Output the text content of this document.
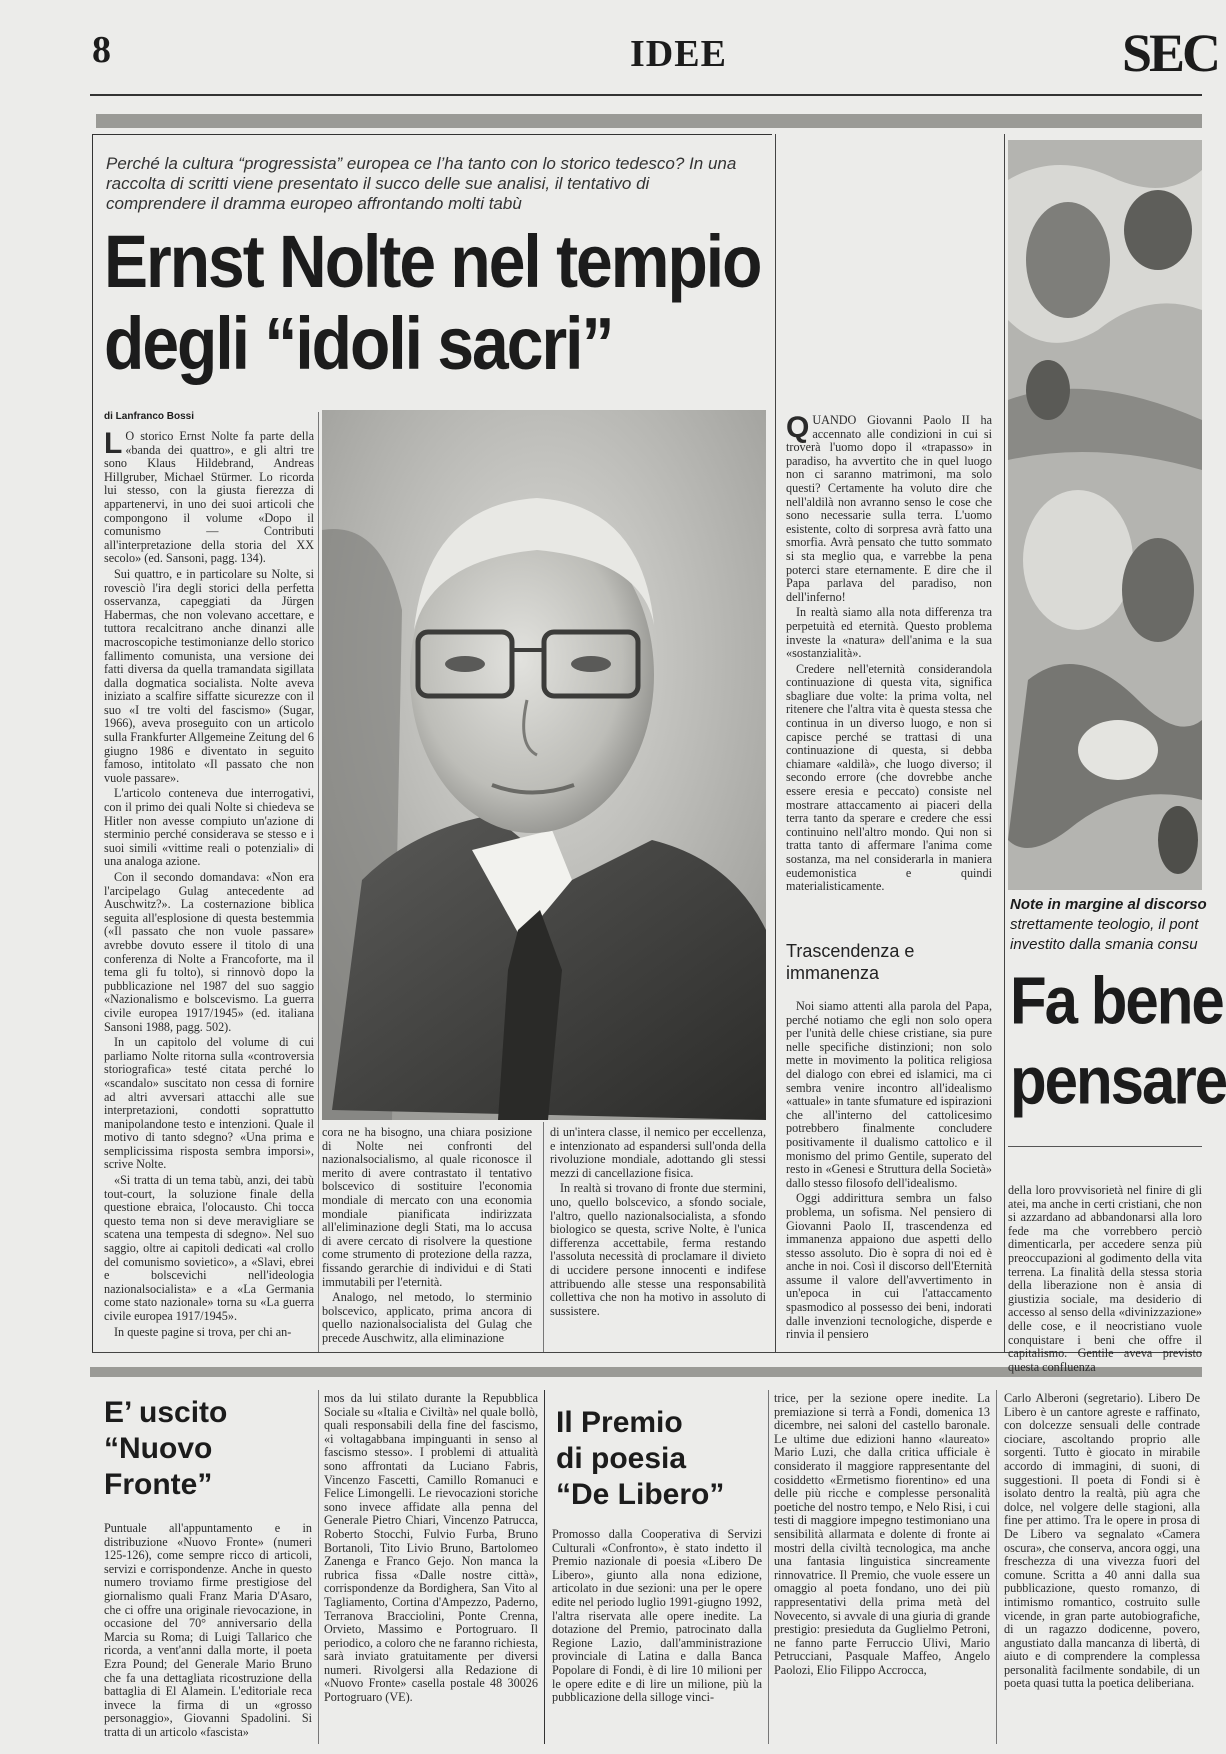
8	IDEE	SEC
Perché la cultura “progressista” europea ce l’ha tanto con lo storico tedesco? In una raccolta di scritti viene presentato il succo delle sue analisi, il tentativo di comprendere il dramma europeo affrontando molti tabù
Ernst Nolte nel tempio
degli “idoli sacri”
di Lanfranco Bossi
L O storico Ernst Nolte fa parte della «banda dei quattro», e gli altri tre sono Klaus Hildebrand, Andreas Hillgruber, Michael Stürmer. Lo ricorda lui stesso, con la giusta fierezza di appartenervi, in uno dei suoi articoli che compongono il volume «Dopo il comunismo — Contributi all'interpretazione della storia del XX secolo» (ed. Sansoni, pagg. 134).

Sui quattro, e in particolare su Nolte, si rovesciò l'ira degli storici della perfetta osservanza, capeggiati da Jürgen Habermas, che non volevano accettare, e tuttora recalcitrano anche dinanzi alle macroscopiche testimonianze dello storico fallimento comunista, una versione dei fatti diversa da quella tramandata sigillata dalla dogmatica socialista. Nolte aveva iniziato a scalfire siffatte sicurezze con il suo «I tre volti del fascismo» (Sugar, 1966), aveva proseguito con un articolo sulla Frankfurter Allgemeine Zeitung del 6 giugno 1986 e diventato in seguito famoso, intitolato «Il passato che non vuole passare».

L'articolo conteneva due interrogativi, con il primo dei quali Nolte si chiedeva se Hitler non avesse compiuto un'azione di sterminio perché considerava se stesso e i suoi simili «vittime reali o potenziali» di una analoga azione.

Con il secondo domandava: «Non era l'arcipelago Gulag antecedente ad Auschwitz?». La costernazione biblica seguita all'esplosione di questa bestemmia («Il passato che non vuole passare» avrebbe dovuto essere il titolo di una conferenza di Nolte a Francoforte, ma il tema gli fu tolto), si rinnovò dopo la pubblicazione nel 1987 del suo saggio «Nazionalismo e bolscevismo. La guerra civile europea 1917/1945» (ed. italiana Sansoni 1988, pagg. 502).

In un capitolo del volume di cui parliamo Nolte ritorna sulla «controversia storiografica» testé citata perché lo «scandalo» suscitato non cessa di fornire ad altri avversari attacchi alle sue interpretazioni, condotti soprattutto manipolandone testo e intenzioni. Quale il motivo di tanto sdegno? «Una prima e semplicissima risposta sembra imporsi», scrive Nolte.

«Si tratta di un tema tabù, anzi, dei tabù tout-court, la soluzione finale della questione ebraica, l'olocausto. Chi tocca questo tema non si deve meravigliare se scatena una tempesta di sdegno». Nel suo saggio, oltre ai capitoli dedicati «al crollo del comunismo sovietico», a «Slavi, ebrei e bolscevichi nell'ideologia nazionalsocialista» e a «La Germania come stato nazionale» torna su «La guerra civile europea 1917/1945».

In queste pagine si trova, per chi an-

cora ne ha bisogno, una chiara posizione di Nolte nei confronti del nazionalsocialismo, al quale riconosce il merito di avere contrastato il tentativo bolscevico di sostituire l'economia mondiale di mercato con una economia mondiale pianificata indirizzata all'eliminazione degli Stati, ma lo accusa di avere cercato di risolvere la questione come strumento di protezione della razza, fissando gerarchie di individui e di Stati immutabili per l'eternità.

Analogo, nel metodo, lo sterminio bolscevico, applicato, prima ancora di quello nazionalsocialista del Gulag che precede Auschwitz, alla eliminazione

di un'intera classe, il nemico per eccellenza, e intenzionato ad espandersi sull'onda della rivoluzione mondiale, adottando gli stessi mezzi di cancellazione fisica.

In realtà si trovano di fronte due stermini, uno, quello bolscevico, a sfondo sociale, l'altro, quello nazionalsocialista, a sfondo biologico se questa, scrive Nolte, è l'unica differenza accettabile, ferma restando l'assoluta necessità di proclamare il divieto di uccidere persone innocenti e indifese attribuendo alle stesse una responsabilità collettiva che non ha motivo in assoluto di sussistere.

Q UANDO Giovanni Paolo II ha accennato alle condizioni in cui si troverà l'uomo dopo il «trapasso» in paradiso, ha avvertito che in quel luogo non ci saranno matrimoni, ma solo questi? Certamente ha voluto dire che nell'aldilà non avranno senso le cose che sono necessarie sulla terra. L'uomo esistente, colto di sorpresa avrà fatto una smorfia. Avrà pensato che tutto sommato si sta meglio qua, e varrebbe la pena poterci stare eternamente. E dire che il Papa parlava del paradiso, non dell'inferno!

In realtà siamo alla nota differenza tra perpetuità ed eternità. Questo problema investe la «natura» dell'anima e la sua «sostanzialità».

Credere nell'eternità considerandola continuazione di questa vita, significa sbagliare due volte: la prima volta, nel ritenere che l'altra vita è questa stessa che continua in un diverso luogo, e non si capisce perché se trattasi di una continuazione di questa, si debba chiamare «aldilà», che luogo diverso; il secondo errore (che dovrebbe anche essere eresia e peccato) consiste nel mostrare attaccamento ai piaceri della terra tanto da sperare e credere che essi continuino nell'altro mondo. Qui non si tratta tanto di affermare l'anima come sostanza, ma nel considerarla in maniera eudemonistica e quindi materialisticamente.

Trascendenza e immanenza

Noi siamo attenti alla parola del Papa, perché notiamo che egli non solo opera per l'unità delle chiese cristiane, sia pure nelle specifiche distinzioni; non solo mette in movimento la politica religiosa del dialogo con ebrei ed islamici, ma ci sembra venire incontro all'idealismo «attuale» in tante sfumature ed ispirazioni che all'interno del cattolicesimo potrebbero finalmente concludere positivamente il dualismo cattolico e il monismo del primo Gentile, superato del resto in «Genesi e Struttura della Società» dallo stesso filosofo dell'idealismo.

Oggi addirittura sembra un falso problema, un sofisma. Nel pensiero di Giovanni Paolo II, trascendenza ed immanenza appaiono due aspetti dello stesso assoluto. Dio è sopra di noi ed è anche in noi. Così il discorso dell'Eternità assume il valore dell'avvertimento in un'epoca in cui l'attaccamento spasmodico al possesso dei beni, indorati dalle invenzioni tecnologiche, disperde e rinvia il pensiero

Note in margine al discorso
strettamente teologio, il pont
investito dalla smania consu
Fa bene
pensare

della loro provvisorietà nel finire di gli atei, ma anche in certi cristiani, che non si azzardano ad abbandonarsi alla loro fede ma che vorrebbero perciò dimenticarla, per accedere senza più preoccupazioni al godimento della vita terrena. La finalità della stessa storia della liberazione non è ansia di giustizia sociale, ma desiderio di accesso al senso della «divinizzazione» delle cose, e il neocristiano vuole conquistare i beni che offre il capitalismo. Gentile aveva previsto questa confluenza

E’ uscito
“Nuovo
Fronte”

Puntuale all'appuntamento e in distribuzione «Nuovo Fronte» (numeri 125-126), come sempre ricco di articoli, servizi e corrispondenze. Anche in questo numero troviamo firme prestigiose del giornalismo quali Franz Maria D'Asaro, che ci offre una originale rievocazione, in occasione del 70° anniversario della Marcia su Roma; di Luigi Tallarico che ricorda, a vent'anni dalla morte, il poeta Ezra Pound; del Generale Mario Bruno che fa una dettagliata ricostruzione della battaglia di El Alamein. L'editoriale reca invece la firma di un «grosso personaggio», Giovanni Spadolini. Si tratta di un articolo «fascista»

mos da lui stilato durante la Repubblica Sociale su «Italia e Civiltà» nel quale bollò, quali responsabili della fine del fascismo, «i voltagabbana impinguanti in senso al fascismo stesso». I problemi di attualità sono affrontati da Luciano Fabris, Vincenzo Fascetti, Camillo Romanuci e Felice Limongelli. Le rievocazioni storiche sono invece affidate alla penna del Generale Pietro Chiari, Vincenzo Patrucca, Roberto Stocchi, Fulvio Furba, Bruno Bortanoli, Tito Livio Bruno, Bartolomeo Zanenga e Franco Gejo. Non manca la rubrica fissa «Dalle nostre città», corrispondenze da Bordighera, San Vito al Tagliamento, Cortina d'Ampezzo, Paderno, Terranova Bracciolini, Ponte Crenna, Orvieto, Massimo e Portogruaro. Il periodico, a coloro che ne faranno richiesta, sarà inviato gratuitamente per diversi numeri. Rivolgersi alla Redazione di «Nuovo Fronte» casella postale 48 30026 Portogruaro (VE).

Il Premio
di poesia
“De Libero”

Promosso dalla Cooperativa di Servizi Culturali «Confronto», è stato indetto il Premio nazionale di poesia «Libero De Libero», giunto alla nona edizione, articolato in due sezioni: una per le opere edite nel periodo luglio 1991-giugno 1992, l'altra riservata alle opere inedite. La dotazione del Premio, patrocinato dalla Regione Lazio, dall'amministrazione provinciale di Latina e dalla Banca Popolare di Fondi, è di lire 10 milioni per le opere edite e di lire un milione, più la pubblicazione della silloge vinci-

trice, per la sezione opere inedite. La premiazione si terrà a Fondi, domenica 13 dicembre, nei saloni del castello baronale. Le ultime due edizioni hanno «laureato» Mario Luzi, che dalla critica ufficiale è considerato il maggiore rappresentante del cosiddetto «Ermetismo fiorentino» ed una delle più ricche e complesse personalità poetiche del nostro tempo, e Nelo Risi, i cui testi di maggiore impegno testimoniano una sensibilità allarmata e dolente di fronte ai mostri della civiltà tecnologica, ma anche una fantasia linguistica sincreamente rinnovatrice. Il Premio, che vuole essere un omaggio al poeta fondano, uno dei più rappresentativi della prima metà del Novecento, si avvale di una giuria di grande prestigio: presieduta da Guglielmo Petroni, ne fanno parte Ferruccio Ulivi, Mario Petrucciani, Pasquale Maffeo, Angelo Paolozi, Elio Filippo Accrocca,

Carlo Alberoni (segretario). Libero De Libero è un cantore agreste e raffinato, con dolcezze sensuali delle contrade ciociare, ascoltando proprio alle sorgenti. Tutto è giocato in mirabile accordo di immagini, di suoni, di suggestioni. Il poeta di Fondi si è isolato dentro la realtà, più agra che dolce, nel volgere delle stagioni, alla fine per attimo. Tra le opere in prosa di De Libero va segnalato «Camera oscura», che conserva, ancora oggi, una freschezza di una vivezza fuori del comune. Scritta a 40 anni dalla sua pubblicazione, questo romanzo, di intimismo romantico, costruito sulle vicende, in gran parte autobiografiche, di un ragazzo dodicenne, povero, angustiato dalla mancanza di libertà, di aiuto e di comprendere la complessa personalità facilmente sondabile, di un poeta quasi tutta la poetica deliberiana.
